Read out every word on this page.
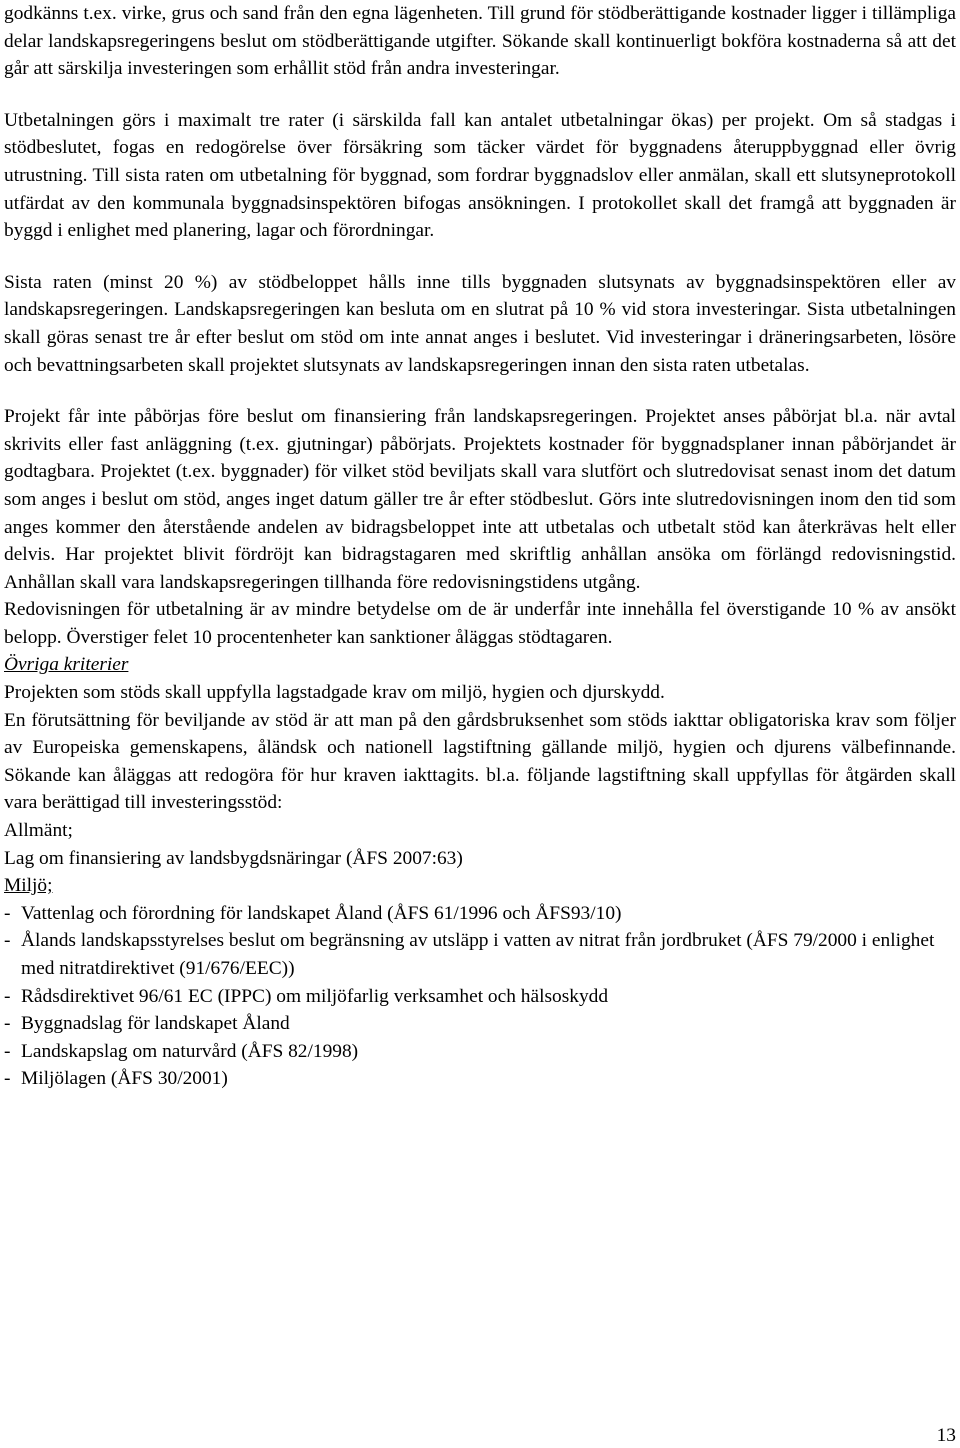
godkänns t.ex. virke, grus och sand från den egna lägenheten. Till grund för stödberättigande kostnader ligger i tillämpliga delar landskapsregeringens beslut om stödberättigande utgifter. Sökande skall kontinuerligt bokföra kostnaderna så att det går att särskilja investeringen som erhållit stöd från andra investeringar.

Utbetalningen görs i maximalt tre rater (i särskilda fall kan antalet utbetalningar ökas) per projekt. Om så stadgas i stödbeslutet, fogas en redogörelse över försäkring som täcker värdet för byggnadens återuppbyggnad eller övrig utrustning. Till sista raten om utbetalning för byggnad, som fordrar byggnadslov eller anmälan, skall ett slutsyneprotokoll utfärdat av den kommunala byggnadsinspektören bifogas ansökningen. I protokollet skall det framgå att byggnaden är byggd i enlighet med planering, lagar och förordningar.

Sista raten (minst 20 %) av stödbeloppet hålls inne tills byggnaden slutsynats av byggnadsinspektören eller av landskapsregeringen. Landskapsregeringen kan besluta om en slutrat på 10 % vid stora investeringar. Sista utbetalningen skall göras senast tre år efter beslut om stöd om inte annat anges i beslutet. Vid investeringar i dräneringsarbeten, lösöre och bevattningsarbeten skall projektet slutsynats av landskapsregeringen innan den sista raten utbetalas.

Projekt får inte påbörjas före beslut om finansiering från landskapsregeringen. Projektet anses påbörjat bl.a. när avtal skrivits eller fast anläggning (t.ex. gjutningar) påbörjats. Projektets kostnader för byggnadsplaner innan påbörjandet är godtagbara. Projektet (t.ex. byggnader) för vilket stöd beviljats skall vara slutfört och slutredovisat senast inom det datum som anges i beslut om stöd, anges inget datum gäller tre år efter stödbeslut. Görs inte slutredovisningen inom den tid som anges kommer den återstående andelen av bidragsbeloppet inte att utbetalas och utbetalt stöd kan återkrävas helt eller delvis. Har projektet blivit fördröjt kan bidragstagaren med skriftlig anhållan ansöka om förlängd redovisningstid. Anhållan skall vara landskapsregeringen tillhanda före redovisningstidens utgång.

Redovisningen för utbetalning är av mindre betydelse om de är underfår inte innehålla fel överstigande 10 % av ansökt belopp. Överstiger felet 10 procentenheter kan sanktioner åläggas stödtagaren.

Övriga kriterier

Projekten som stöds skall uppfylla lagstadgade krav om miljö, hygien och djurskydd.

En förutsättning för beviljande av stöd är att man på den gårdsbruksenhet som stöds iakttar obligatoriska krav som följer av Europeiska gemenskapens, åländsk och nationell lagstiftning gällande miljö, hygien och djurens välbefinnande. Sökande kan åläggas att redogöra för hur kraven iakttagits. bl.a. följande lagstiftning skall uppfyllas för åtgärden skall vara berättigad till investeringsstöd:

Allmänt;

Lag om finansiering av landsbygdsnäringar (ÅFS 2007:63)

Miljö;

- Vattenlag och förordning för landskapet Åland (ÅFS 61/1996 och ÅFS93/10)
- Ålands landskapsstyrelses beslut om begränsning av utsläpp i vatten av nitrat från jordbruket (ÅFS 79/2000 i enlighet med nitratdirektivet (91/676/EEC))
- Rådsdirektivet 96/61 EC (IPPC) om miljöfarlig verksamhet och hälsoskydd
- Byggnadslag för landskapet Åland
- Landskapslag om naturvård (ÅFS 82/1998)
- Miljölagen (ÅFS 30/2001)
13
